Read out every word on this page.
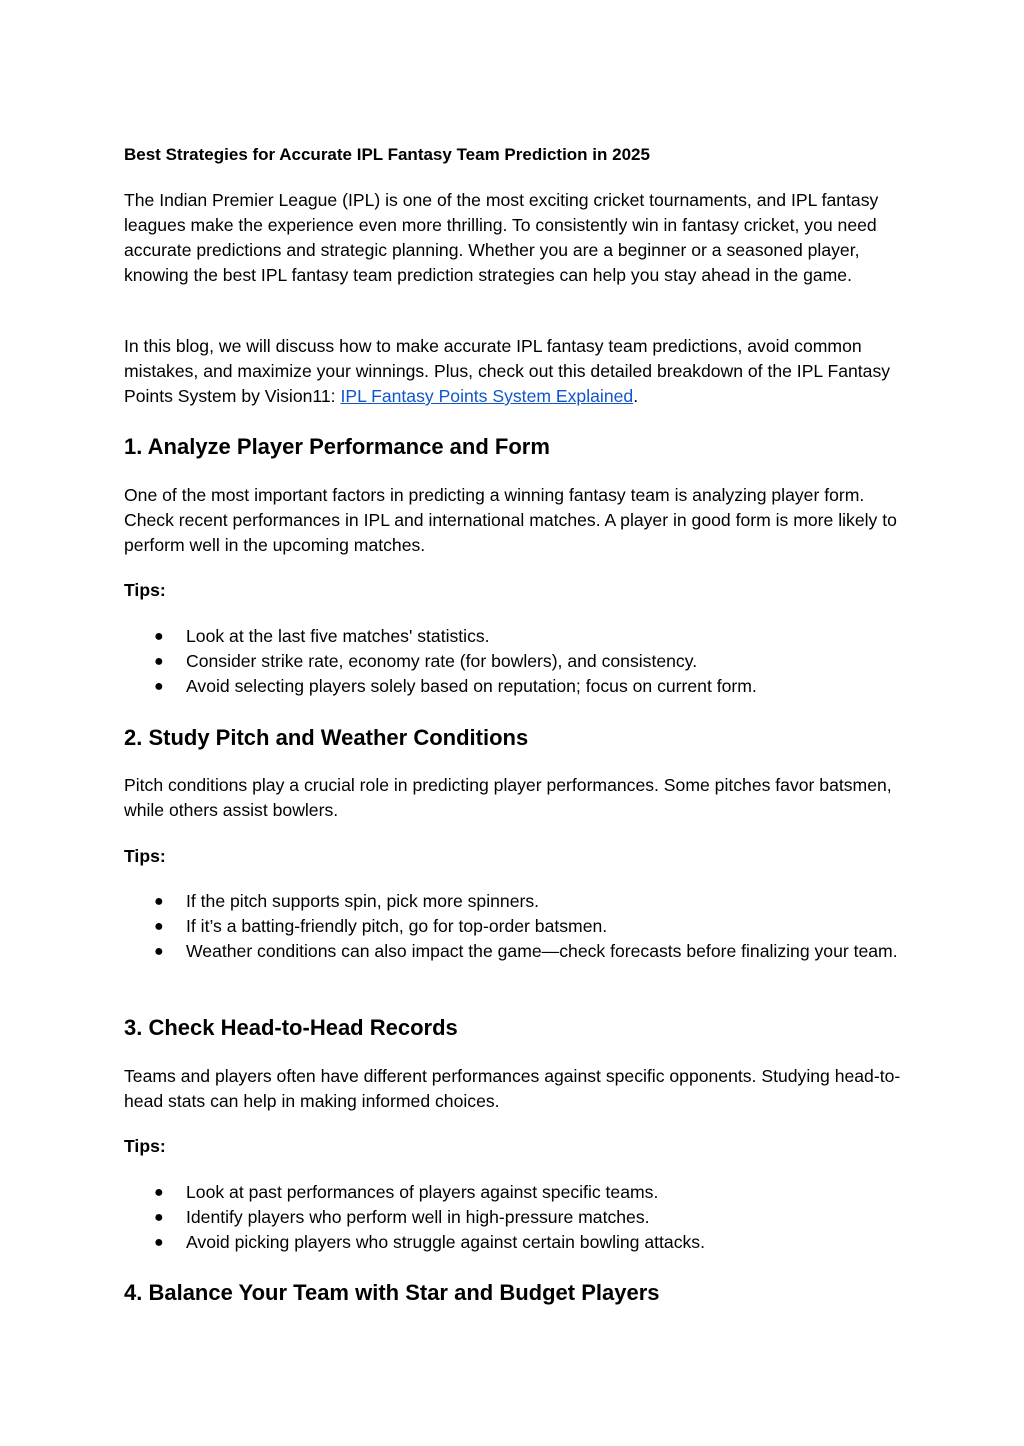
Best Strategies for Accurate IPL Fantasy Team Prediction in 2025

The Indian Premier League (IPL) is one of the most exciting cricket tournaments, and IPL fantasy leagues make the experience even more thrilling. To consistently win in fantasy cricket, you need accurate predictions and strategic planning. Whether you are a beginner or a seasoned player, knowing the best IPL fantasy team prediction strategies can help you stay ahead in the game.

In this blog, we will discuss how to make accurate IPL fantasy team predictions, avoid common mistakes, and maximize your winnings. Plus, check out this detailed breakdown of the IPL Fantasy Points System by Vision11: IPL Fantasy Points System Explained.

1. Analyze Player Performance and Form

One of the most important factors in predicting a winning fantasy team is analyzing player form. Check recent performances in IPL and international matches. A player in good form is more likely to perform well in the upcoming matches.

Tips:

● Look at the last five matches' statistics.
● Consider strike rate, economy rate (for bowlers), and consistency.
● Avoid selecting players solely based on reputation; focus on current form.
2. Study Pitch and Weather Conditions

Pitch conditions play a crucial role in predicting player performances. Some pitches favor batsmen, while others assist bowlers.

Tips:

● If the pitch supports spin, pick more spinners.
● If it’s a batting-friendly pitch, go for top-order batsmen.
● Weather conditions can also impact the game—check forecasts before finalizing your team.
3. Check Head-to-Head Records

Teams and players often have different performances against specific opponents. Studying head-to-head stats can help in making informed choices.

Tips:

● Look at past performances of players against specific teams.
● Identify players who perform well in high-pressure matches.
● Avoid picking players who struggle against certain bowling attacks.
4. Balance Your Team with Star and Budget Players
